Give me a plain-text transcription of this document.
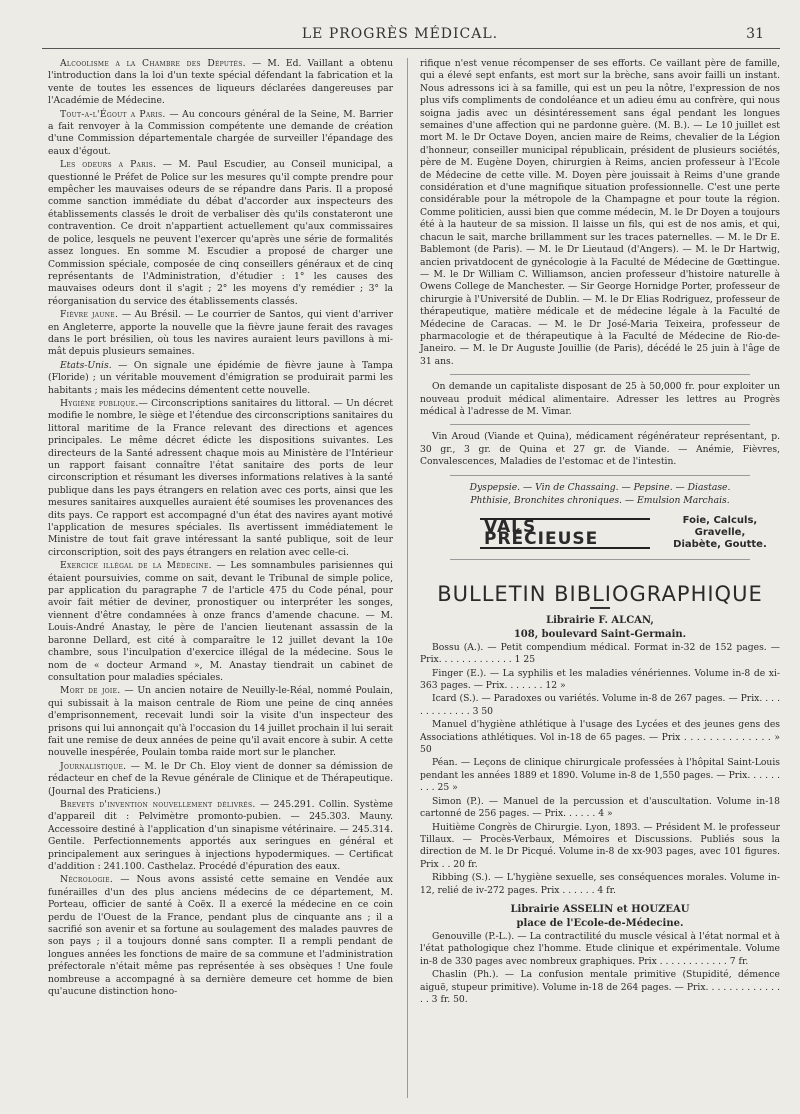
LE PROGRÈS MÉDICAL.	31

Alcoolisme a la Chambre des Députés. — M. Ed. Vaillant a obtenu l'introduction dans la loi d'un texte spécial défendant la fabrication et la vente de toutes les essences de liqueurs déclarées dangereuses par l'Académie de Médecine.

Tout-a-l'Égout a Paris. — Au concours général de la Seine, M. Barrier a fait renvoyer à la Commission compétente une demande de création d'une Commission départementale chargée de surveiller l'épandage des eaux d'égout.

Les odeurs a Paris. — M. Paul Escudier, au Conseil municipal, a questionné le Préfet de Police sur les mesures qu'il compte prendre pour empêcher les mauvaises odeurs de se répandre dans Paris. Il a proposé comme sanction immédiate du débat d'accorder aux inspecteurs des établissements classés le droit de verbaliser dès qu'ils constateront une contravention. Ce droit n'appartient actuellement qu'aux commissaires de police, lesquels ne peuvent l'exercer qu'après une série de formalités assez longues. En somme M. Escudier a proposé de charger une Commission spéciale, composée de cinq conseillers généraux et de cinq représentants de l'Administration, d'étudier : 1° les causes des mauvaises odeurs dont il s'agit ; 2° les moyens d'y remédier ; 3° la réorganisation du service des établissements classés.

Fièvre jaune. — Au Brésil. — Le courrier de Santos, qui vient d'arriver en Angleterre, apporte la nouvelle que la fièvre jaune ferait des ravages dans le port brésilien, où tous les navires auraient leurs pavillons à mi-mât depuis plusieurs semaines.

Etats-Unis. — On signale une épidémie de fièvre jaune à Tampa (Floride) ; un véritable mouvement d'émigration se produirait parmi les habitants ; mais les médecins démentent cette nouvelle.

Hygiène publique.— Circonscriptions sanitaires du littoral. — Un décret modifie le nombre, le siège et l'étendue des circonscriptions sanitaires du littoral maritime de la France relevant des directions et agences principales. Le même décret édicte les dispositions suivantes. Les directeurs de la Santé adressent chaque mois au Ministère de l'Intérieur un rapport faisant connaître l'état sanitaire des ports de leur circonscription et résumant les diverses informations relatives à la santé publique dans les pays étrangers en relation avec ces ports, ainsi que les mesures sanitaires auxquelles auraient été soumises les provenances des dits pays. Ce rapport est accompagné d'un état des navires ayant motivé l'application de mesures spéciales. Ils avertissent immédiatement le Ministre de tout fait grave intéressant la santé publique, soit de leur circonscription, soit des pays étrangers en relation avec celle-ci.

Exercice illégal de la Médecine. — Les somnambules parisiennes qui étaient poursuivies, comme on sait, devant le Tribunal de simple police, par application du paragraphe 7 de l'article 475 du Code pénal, pour avoir fait métier de deviner, pronostiquer ou interpréter les songes, viennent d'être condamnées à onze francs d'amende chacune. — M. Louis-André Anastay, le père de l'ancien lieutenant assassin de la baronne Dellard, est cité à comparaître le 12 juillet devant la 10e chambre, sous l'inculpation d'exercice illégal de la médecine. Sous le nom de « docteur Armand », M. Anastay tiendrait un cabinet de consultation pour maladies spéciales.

Mort de joie. — Un ancien notaire de Neuilly-le-Réal, nommé Poulain, qui subissait à la maison centrale de Riom une peine de cinq années d'emprisonnement, recevait lundi soir la visite d'un inspecteur des prisons qui lui annonçait qu'à l'occasion du 14 juillet prochain il lui serait fait une remise de deux années de peine qu'il avait encore à subir. A cette nouvelle inespérée, Poulain tomba raide mort sur le plancher.

Journalistique. — M. le Dr Ch. Eloy vient de donner sa démission de rédacteur en chef de la Revue générale de Clinique et de Thérapeutique. (Journal des Praticiens.)

Brevets d'invention nouvellement délivrés. — 245.291. Collin. Système d'appareil dit : Pelvimètre promonto-pubien. — 245.303. Mauny. Accessoire destiné à l'application d'un sinapisme vétérinaire. — 245.314. Gentile. Perfectionnements apportés aux seringues en général et principalement aux seringues à injections hypodermiques. — Certificat d'addition : 241.100. Casthelaz. Procédé d'épuration des eaux.

Nécrologie. — Nous avons assisté cette semaine en Vendée aux funérailles d'un des plus anciens médecins de ce département, M. Porteau, officier de santé à Coëx. Il a exercé la médecine en ce coin perdu de l'Ouest de la France, pendant plus de cinquante ans ; il a sacrifié son avenir et sa fortune au soulagement des malades pauvres de son pays ; il a toujours donné sans compter. Il a rempli pendant de longues années les fonctions de maire de sa commune et l'administration préfectorale n'était même pas représentée à ses obsèques ! Une foule nombreuse a accompagné à sa dernière demeure cet homme de bien qu'aucune distinction hono-

rifique n'est venue récompenser de ses efforts. Ce vaillant père de famille, qui a élevé sept enfants, est mort sur la brèche, sans avoir failli un instant. Nous adressons ici à sa famille, qui est un peu la nôtre, l'expression de nos plus vifs compliments de condoléance et un adieu ému au confrère, qui nous soigna jadis avec un désintéressement sans égal pendant les longues semaines d'une affection qui ne pardonne guère. (M. B.). — Le 10 juillet est mort M. le Dr Octave Doyen, ancien maire de Reims, chevalier de la Légion d'honneur, conseiller municipal républicain, président de plusieurs sociétés, père de M. Eugène Doyen, chirurgien à Reims, ancien professeur à l'Ecole de Médecine de cette ville. M. Doyen père jouissait à Reims d'une grande considération et d'une magnifique situation professionnelle. C'est une perte considérable pour la métropole de la Champagne et pour toute la région. Comme politicien, aussi bien que comme médecin, M. le Dr Doyen a toujours été à la hauteur de sa mission. Il laisse un fils, qui est de nos amis, et qui, chacun le sait, marche brillamment sur les traces paternelles. — M. le Dr E. Bablemont (de Paris). — M. le Dr Lieutaud (d'Angers). — M. le Dr Hartwig, ancien privatdocent de gynécologie à la Faculté de Médecine de Gœttingue. — M. le Dr William C. Williamson, ancien professeur d'histoire naturelle à Owens College de Manchester. — Sir George Hornidge Porter, professeur de chirurgie à l'Université de Dublin. — M. le Dr Elias Rodriguez, professeur de thérapeutique, matière médicale et de médecine légale à la Faculté de Médecine de Caracas. — M. le Dr José-Maria Teixeira, professeur de pharmacologie et de thérapeutique à la Faculté de Médecine de Rio-de-Janeiro. — M. le Dr Auguste Jouillie (de Paris), décédé le 25 juin à l'âge de 31 ans.

On demande un capitaliste disposant de 25 à 50,000 fr. pour exploiter un nouveau produit médical alimentaire. Adresser les lettres au Progrès médical à l'adresse de M. Vimar.

Vin Aroud (Viande et Quina), médicament régénérateur représentant, p. 30 gr., 3 gr. de Quina et 27 gr. de Viande. — Anémie, Fièvres, Convalescences, Maladies de l'estomac et de l'intestin.

Dyspepsie. — Vin de Chassaing. — Pepsine. — Diastase.

Phthisie, Bronchites chroniques. — Emulsion Marchais.

VALS PRÉCIEUSE
Foie, Calculs, Gravelle,
Diabète, Goutte.
BULLETIN BIBLIOGRAPHIQUE

Librairie F. ALCAN,

108, boulevard Saint-Germain.

Bossu (A.). — Petit compendium médical. Format in-32 de 152 pages. — Prix. . . . . . . . . . . . . 1 25

Finger (E.). — La syphilis et les maladies vénériennes. Volume in-8 de xi-363 pages. — Prix. . . . . . . 12 »

Icard (S.). — Paradoxes ou variétés. Volume in-8 de 267 pages. — Prix. . . . . . . . . . . . . 3 50

Manuel d'hygiène athlétique à l'usage des Lycées et des jeunes gens des Associations athlétiques. Vol in-18 de 65 pages. — Prix . . . . . . . . . . . . . . » 50

Péan. — Leçons de clinique chirurgicale professées à l'hôpital Saint-Louis pendant les années 1889 et 1890. Volume in-8 de 1,550 pages. — Prix. . . . . . . . . 25 »

Simon (P.). — Manuel de la percussion et d'auscultation. Volume in-18 cartonné de 256 pages. — Prix. . . . . . 4 »

Huitième Congrès de Chirurgie. Lyon, 1893. — Président M. le professeur Tillaux. — Procès-Verbaux, Mémoires et Discussions. Publiés sous la direction de M. le Dr Picqué. Volume in-8 de xx-903 pages, avec 101 figures. Prix . . 20 fr.

Ribbing (S.). — L'hygiène sexuelle, ses conséquences morales. Volume in-12, relié de iv-272 pages. Prix . . . . . . 4 fr.

Librairie ASSELIN et HOUZEAU

place de l'Ecole-de-Médecine.

Genouville (P.-L.). — La contractilité du muscle vésical à l'état normal et à l'état pathologique chez l'homme. Etude clinique et expérimentale. Volume in-8 de 330 pages avec nombreux graphiques. Prix . . . . . . . . . . . . 7 fr.

Chaslin (Ph.). — La confusion mentale primitive (Stupidité, démence aiguë, stupeur primitive). Volume in-18 de 264 pages. — Prix. . . . . . . . . . . . . . . 3 fr. 50.
